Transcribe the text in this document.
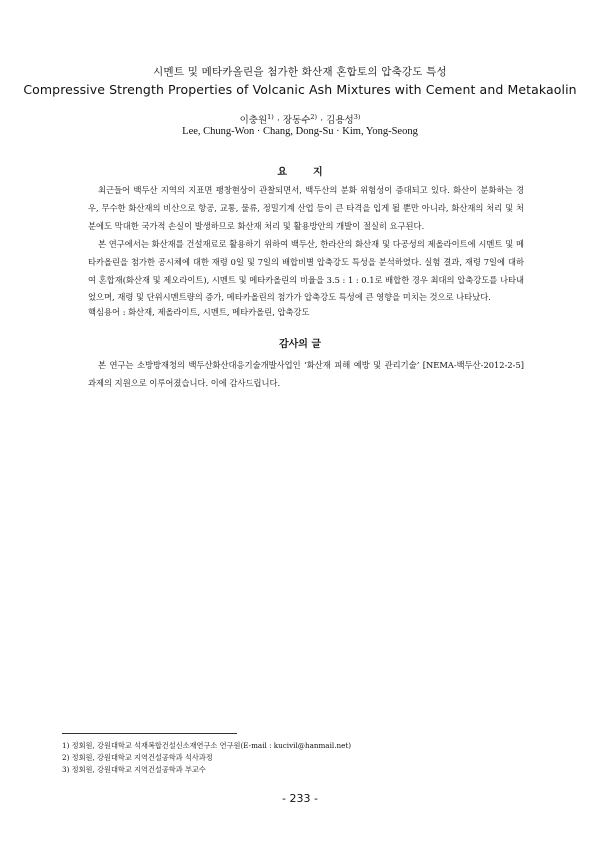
시멘트 및 메타카올린을 첨가한 화산재 혼합토의 압축강도 특성
Compressive Strength Properties of Volcanic Ash Mixtures with Cement and Metakaolin
이충원$^{1)}$ · 장동수$^{2)}$ · 김용성$^{3)}$
Lee, Chung-Won · Chang, Dong-Su · Kim, Yong-Seong
요지

최근들어 백두산 지역의 지표면 팽창현상이 관찰되면서, 백두산의 분화 위험성이 증대되고 있다. 화산이 분화하는 경우, 무수한 화산재의 비산으로 항공, 교통, 물류, 정밀기계 산업 등이 큰 타격을 입게 될 뿐만 아니라, 화산재의 처리 및 처분에도 막대한 국가적 손실이 발생하므로 화산재 처리 및 활용방안의 개발이 절실히 요구된다.

본 연구에서는 화산재를 건설재료로 활용하기 위하여 백두산, 한라산의 화산재 및 다공성의 제올라이트에 시멘트 및 메타카올린을 첨가한 공시체에 대한 재령 0일 및 7일의 배합비별 압축강도 특성을 분석하였다. 실험 결과, 재령 7일에 대하여 혼합재(화산재 및 제오라이트), 시멘트 및 메타카올린의 비율을 3.5 : 1 : 0.1로 배합한 경우 최대의 압축강도를 나타내었으며, 재령 및 단위시멘트량의 증가, 메타카올린의 첨가가 압축강도 특성에 큰 영향을 미치는 것으로 나타났다.

핵심용어 : 화산재, 제올라이트, 시멘트, 메타카올린, 압축강도

감사의 글

본 연구는 소방방재청의 백두산화산대응기술개발사업인 ‘화산재 피해 예방 및 관리기술’ [NEMA-백두산-2012-2-5]과제의 지원으로 이루어졌습니다. 이에 감사드립니다.

1) 정회원, 강원대학교 석재복합건설신소재연구소 연구원(E-mail : kucivil@hanmail.net)
2) 정회원, 강원대학교 지역건설공학과 석사과정
3) 정회원, 강원대학교 지역건설공학과 부교수
- 233 -
